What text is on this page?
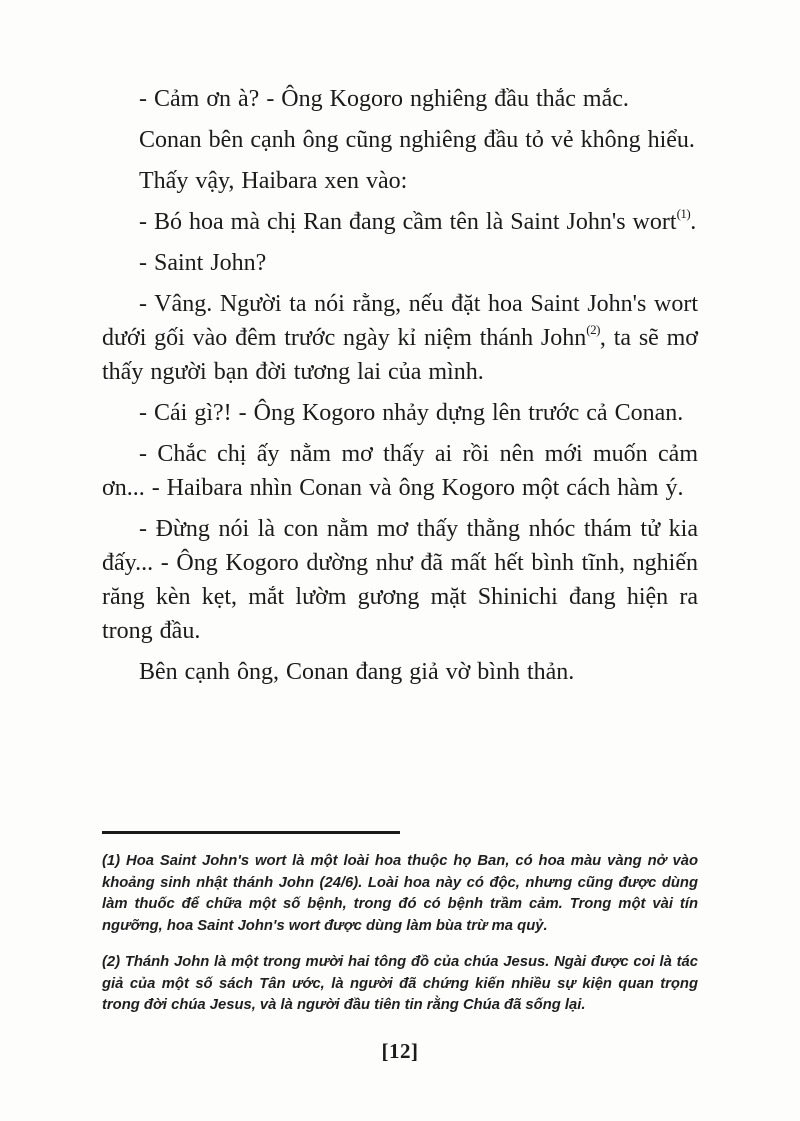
- Cảm ơn à? - Ông Kogoro nghiêng đầu thắc mắc.

Conan bên cạnh ông cũng nghiêng đầu tỏ vẻ không hiểu.

Thấy vậy, Haibara xen vào:

- Bó hoa mà chị Ran đang cầm tên là Saint John's wort$^{(1)}$.

- Saint John?

- Vâng. Người ta nói rằng, nếu đặt hoa Saint John's wort dưới gối vào đêm trước ngày kỉ niệm thánh John$^{(2)}$, ta sẽ mơ thấy người bạn đời tương lai của mình.

- Cái gì?! - Ông Kogoro nhảy dựng lên trước cả Conan.

- Chắc chị ấy nằm mơ thấy ai rồi nên mới muốn cảm ơn... - Haibara nhìn Conan và ông Kogoro một cách hàm ý.

- Đừng nói là con nằm mơ thấy thằng nhóc thám tử kia đấy... - Ông Kogoro dường như đã mất hết bình tĩnh, nghiến răng kèn kẹt, mắt lườm gương mặt Shinichi đang hiện ra trong đầu.

Bên cạnh ông, Conan đang giả vờ bình thản.

(1) Hoa Saint John's wort là một loài hoa thuộc họ Ban, có hoa màu vàng nở vào khoảng sinh nhật thánh John (24/6). Loài hoa này có độc, nhưng cũng được dùng làm thuốc để chữa một số bệnh, trong đó có bệnh trầm cảm. Trong một vài tín ngưỡng, hoa Saint John's wort được dùng làm bùa trừ ma quỷ.

(2) Thánh John là một trong mười hai tông đồ của chúa Jesus. Ngài được coi là tác giả của một số sách Tân ước, là người đã chứng kiến nhiều sự kiện quan trọng trong đời chúa Jesus, và là người đầu tiên tin rằng Chúa đã sống lại.

[12]
